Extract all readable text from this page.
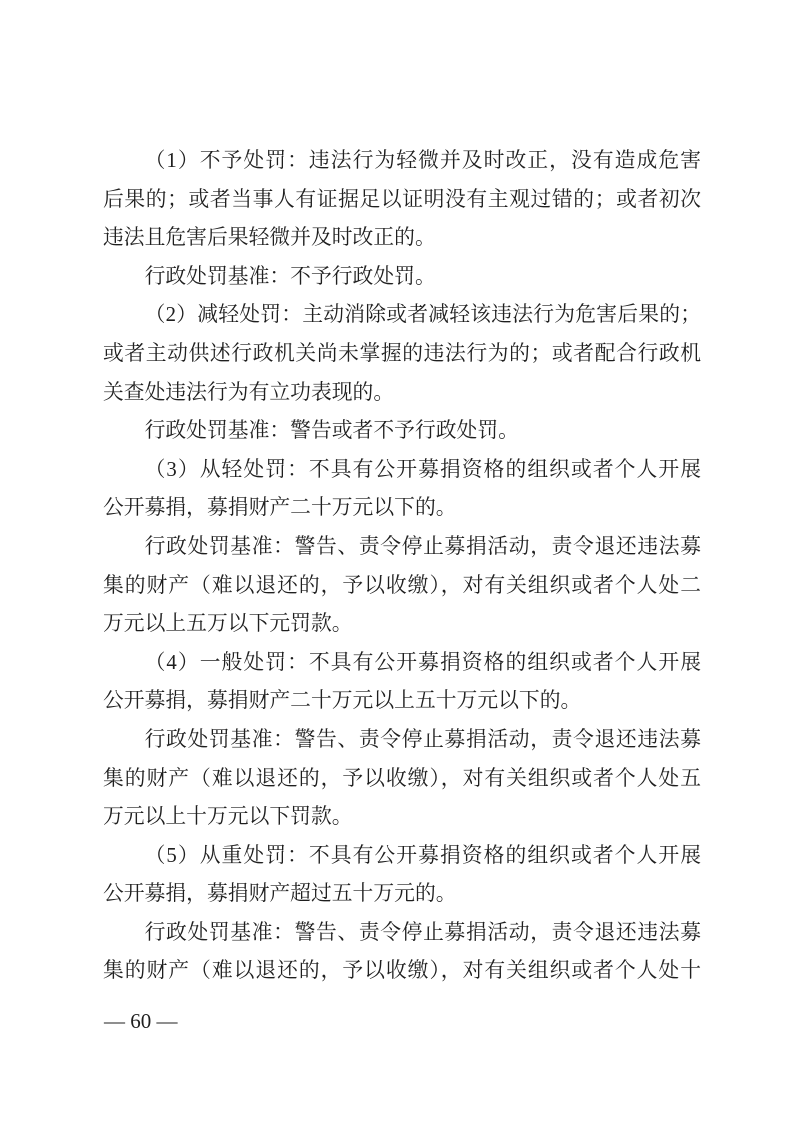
（1）不予处罚：违法行为轻微并及时改正，没有造成危害
后果的；或者当事人有证据足以证明没有主观过错的；或者初次
违法且危害后果轻微并及时改正的。

行政处罚基准：不予行政处罚。

（2）减轻处罚：主动消除或者减轻该违法行为危害后果的；
或者主动供述行政机关尚未掌握的违法行为的；或者配合行政机
关查处违法行为有立功表现的。

行政处罚基准：警告或者不予行政处罚。

（3）从轻处罚：不具有公开募捐资格的组织或者个人开展
公开募捐，募捐财产二十万元以下的。

行政处罚基准：警告、责令停止募捐活动，责令退还违法募
集的财产（难以退还的，予以收缴），对有关组织或者个人处二
万元以上五万以下元罚款。

（4）一般处罚：不具有公开募捐资格的组织或者个人开展
公开募捐，募捐财产二十万元以上五十万元以下的。

行政处罚基准：警告、责令停止募捐活动，责令退还违法募
集的财产（难以退还的，予以收缴），对有关组织或者个人处五
万元以上十万元以下罚款。

（5）从重处罚：不具有公开募捐资格的组织或者个人开展
公开募捐，募捐财产超过五十万元的。

行政处罚基准：警告、责令停止募捐活动，责令退还违法募
集的财产（难以退还的，予以收缴），对有关组织或者个人处十

— 60 —
